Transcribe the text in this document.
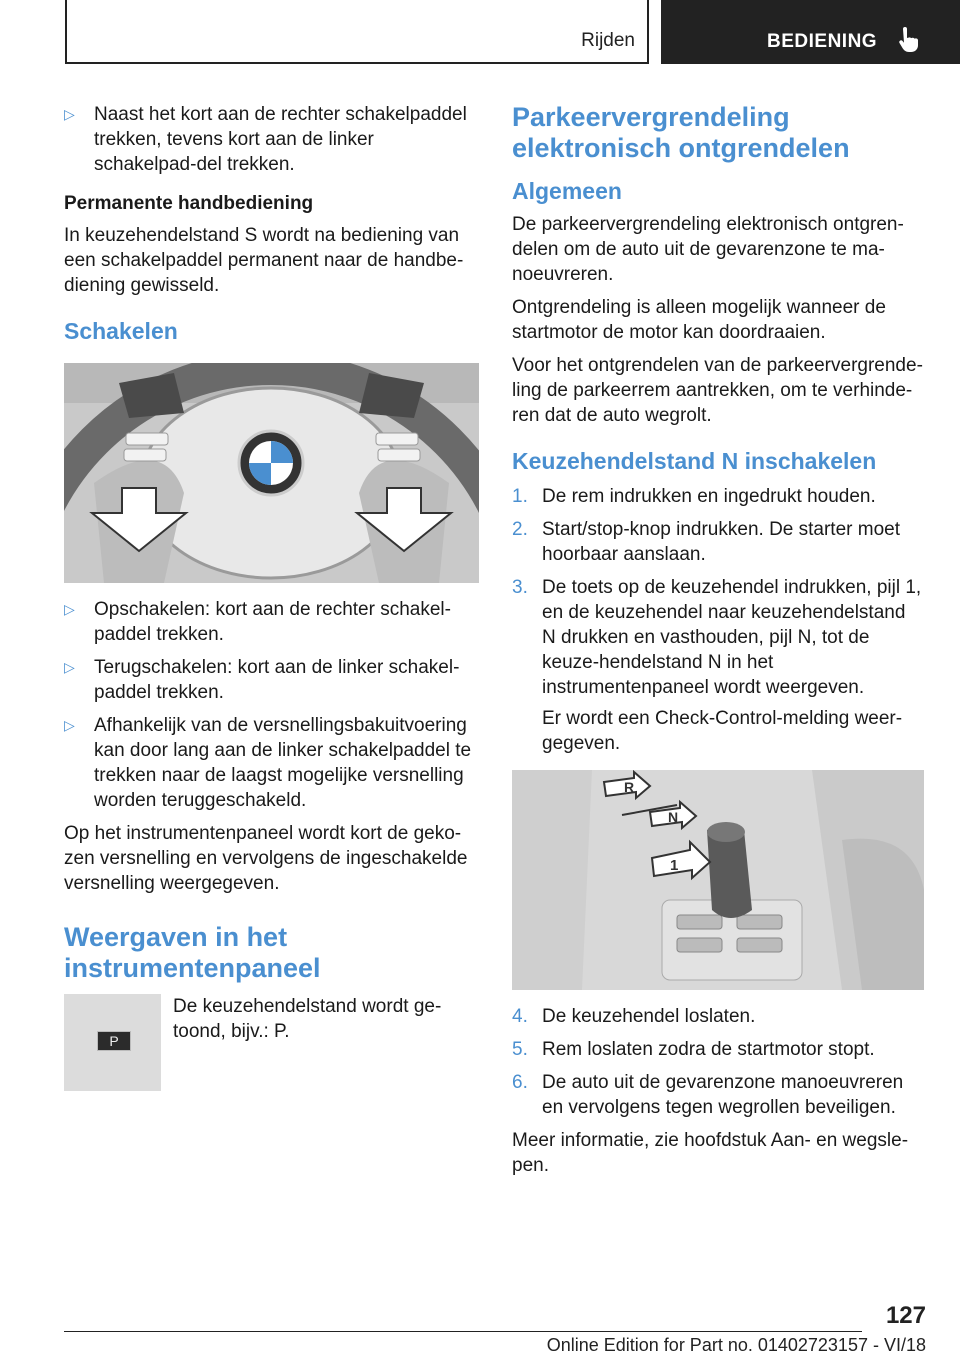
Rijden	BEDIENING
▷ Naast het kort aan de rechter schakelpaddel trekken, tevens kort aan de linker schakelpad-del trekken.
Permanente handbediening

In keuzehendelstand S wordt na bediening van een schakelpaddel permanent naar de handbe-diening gewisseld.

Schakelen
▷ Opschakelen: kort aan de rechter schakel-paddel trekken.
▷ Terugschakelen: kort aan de linker schakel-paddel trekken.
▷ Afhankelijk van de versnellingsbakuitvoering kan door lang aan de linker schakelpaddel te trekken naar de laagst mogelijke versnelling worden teruggeschakeld.

Op het instrumentenpaneel wordt kort de geko-zen versnelling en vervolgens de ingeschakelde versnelling weergegeven.

Weergaven in het instrumentenpaneel
P

De keuzehendelstand wordt ge-toond, bijv.: P.

Parkeervergrendeling elektronisch ontgrendelen
Algemeen

De parkeervergrendeling elektronisch ontgren-delen om de auto uit de gevarenzone te ma-noeuvreren.

Ontgrendeling is alleen mogelijk wanneer de startmotor de motor kan doordraaien.

Voor het ontgrendelen van de parkeervergrende-ling de parkeerrem aantrekken, om te verhinde-ren dat de auto wegrolt.

Keuzehendelstand N inschakelen
1. De rem indrukken en ingedrukt houden.
2. Start/stop-knop indrukken. De starter moet hoorbaar aanslaan.
3. De toets op de keuzehendel indrukken, pijl 1, en de keuzehendel naar keuzehendelstand N drukken en vasthouden, pijl N, tot de keuze-hendelstand N in het instrumentenpaneel wordt weergeven.

Er wordt een Check-Control-melding weer-gegeven.

R
N
1
4. De keuzehendel loslaten.
5. Rem loslaten zodra de startmotor stopt.
6. De auto uit de gevarenzone manoeuvreren en vervolgens tegen wegrollen beveiligen.

Meer informatie, zie hoofdstuk Aan- en wegsle-pen.

127
Online Edition for Part no. 01402723157 - VI/18
